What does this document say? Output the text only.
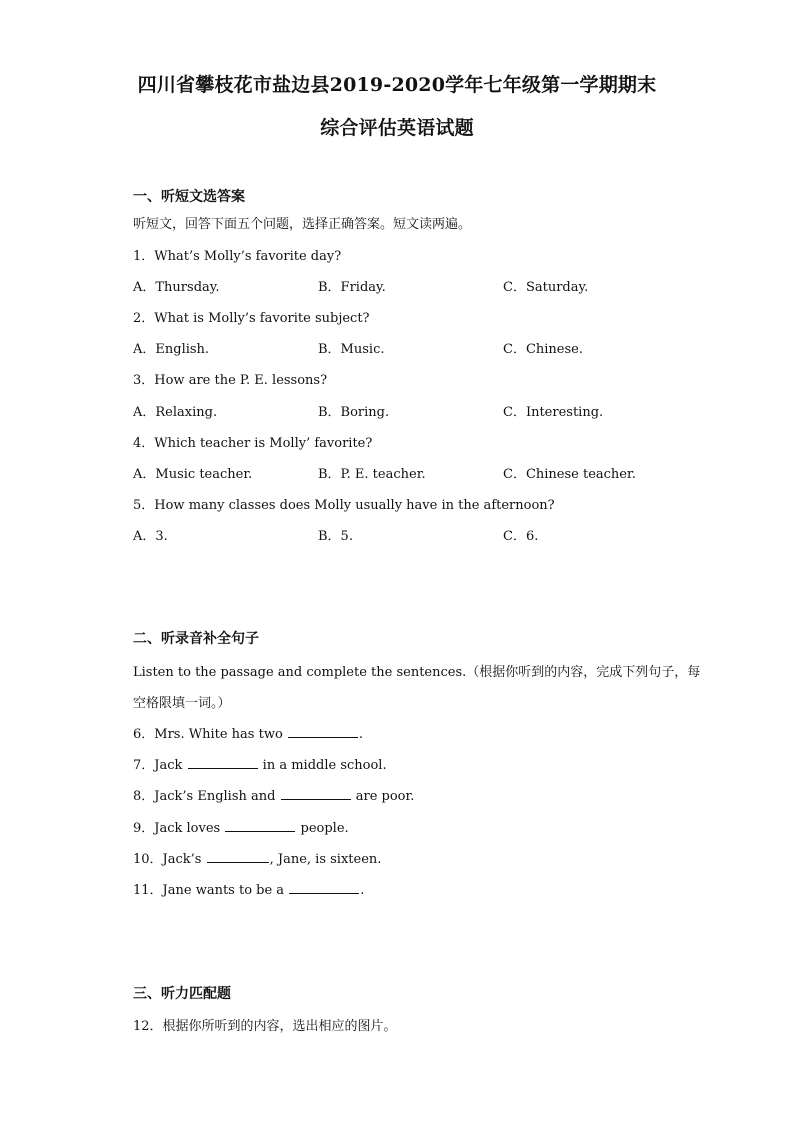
四川省攀枝花市盐边县2019-2020学年七年级第一学期期末
综合评估英语试题
一、听短文选答案
听短文，回答下面五个问题，选择正确答案。短文读两遍。
1．What’s Molly’s favorite day?
A．Thursday.	B．Friday.	C．Saturday.
2．What is Molly’s favorite subject?
A．English.	B．Music.	C．Chinese.
3．How are the P. E. lessons?
A．Relaxing.	B．Boring.	C．Interesting.
4．Which teacher is Molly’ favorite?
A．Music teacher.	B．P. E. teacher.	C．Chinese teacher.
5．How many classes does Molly usually have in the afternoon?
A．3.	B．5.	C．6.
二、听录音补全句子
Listen to the passage and complete the sentences.（根据你听到的内容，完成下列句子，每
空格限填一词。）
6．Mrs. White has two	.
7．Jack	in a middle school.
8．Jack’s English and	are poor.
9．Jack loves	people.
10．Jack’s	, Jane, is sixteen.
11．Jane wants to be a	.
三、听力匹配题
12．根据你所听到的内容，选出相应的图片。
